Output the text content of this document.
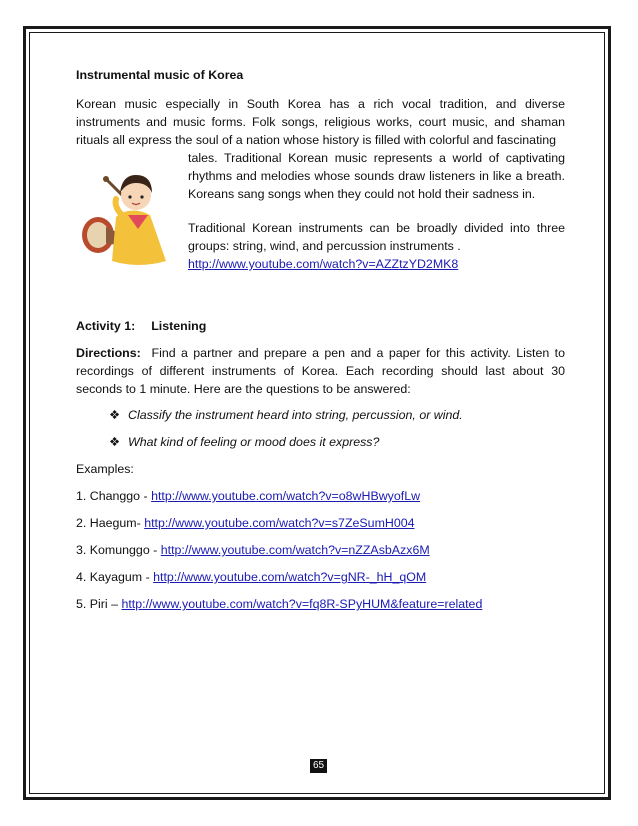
Instrumental music of Korea

Korean music especially in South Korea has a rich vocal tradition, and diverse instruments and music forms. Folk songs, religious works, court music, and shaman rituals all express the soul of a nation whose history is filled with colorful and fascinating

tales. Traditional Korean music represents a world of captivating rhythms and melodies whose sounds draw listeners in like a breath. Koreans sang songs when they could not hold their sadness in.

Traditional Korean instruments can be broadly divided into three groups: string, wind, and percussion instruments .

http://www.youtube.com/watch?v=AZZtzYD2MK8

Activity 1: Listening

Directions: Find a partner and prepare a pen and a paper for this activity. Listen to recordings of different instruments of Korea. Each recording should last about 30 seconds to 1 minute. Here are the questions to be answered:

❖ Classify the instrument heard into string, percussion, or wind.
❖ What kind of feeling or mood does it express?

Examples:

1. Changgo - http://www.youtube.com/watch?v=o8wHBwyofLw

2. Haegum- http://www.youtube.com/watch?v=s7ZeSumH004

3. Komunggo - http://www.youtube.com/watch?v=nZZAsbAzx6M

4. Kayagum - http://www.youtube.com/watch?v=gNR-_hH_qOM

5. Piri – http://www.youtube.com/watch?v=fq8R-SPyHUM&feature=related

65
